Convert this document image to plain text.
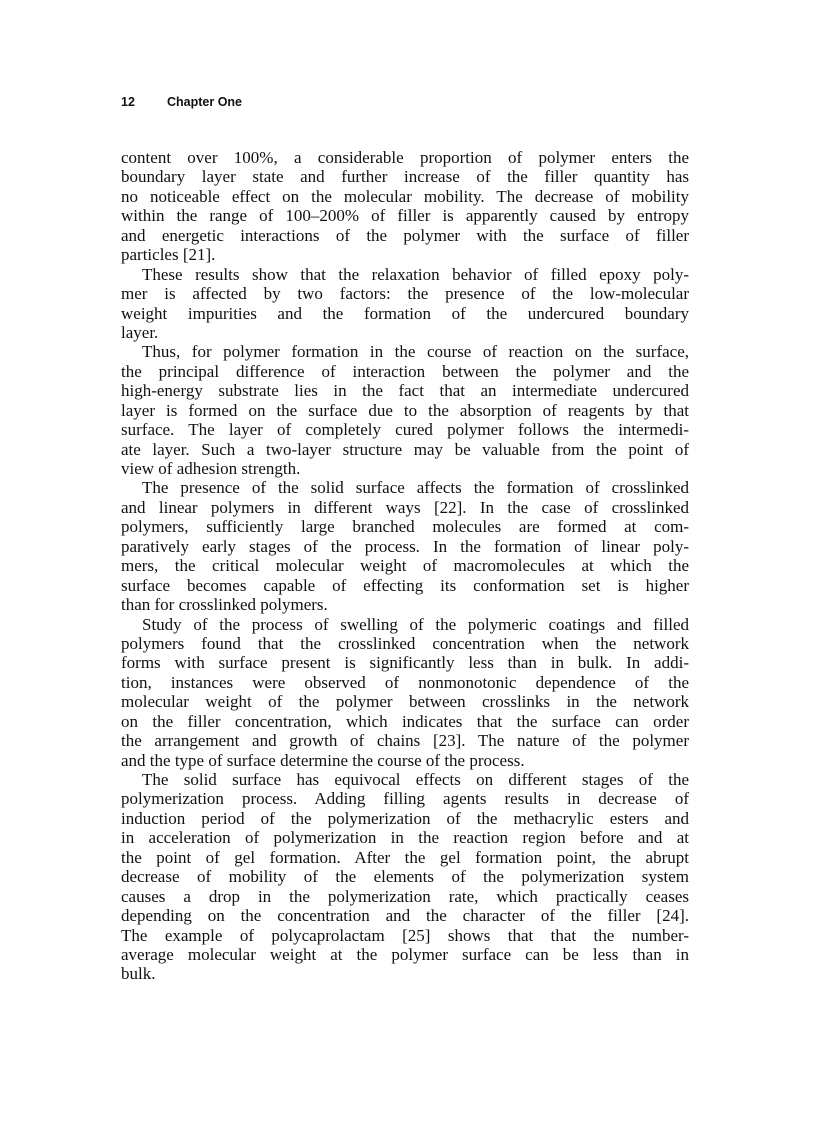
12	Chapter One
content over 100%, a considerable proportion of polymer enters the
boundary layer state and further increase of the filler quantity has
no noticeable effect on the molecular mobility. The decrease of mobility
within the range of 100–200% of filler is apparently caused by entropy
and energetic interactions of the polymer with the surface of filler
particles [21].
These results show that the relaxation behavior of filled epoxy poly-
mer is affected by two factors: the presence of the low-molecular
weight impurities and the formation of the undercured boundary
layer.
Thus, for polymer formation in the course of reaction on the surface,
the principal difference of interaction between the polymer and the
high-energy substrate lies in the fact that an intermediate undercured
layer is formed on the surface due to the absorption of reagents by that
surface. The layer of completely cured polymer follows the intermedi-
ate layer. Such a two-layer structure may be valuable from the point of
view of adhesion strength.
The presence of the solid surface affects the formation of crosslinked
and linear polymers in different ways [22]. In the case of crosslinked
polymers, sufficiently large branched molecules are formed at com-
paratively early stages of the process. In the formation of linear poly-
mers, the critical molecular weight of macromolecules at which the
surface becomes capable of effecting its conformation set is higher
than for crosslinked polymers.
Study of the process of swelling of the polymeric coatings and filled
polymers found that the crosslinked concentration when the network
forms with surface present is significantly less than in bulk. In addi-
tion, instances were observed of nonmonotonic dependence of the
molecular weight of the polymer between crosslinks in the network
on the filler concentration, which indicates that the surface can order
the arrangement and growth of chains [23]. The nature of the polymer
and the type of surface determine the course of the process.
The solid surface has equivocal effects on different stages of the
polymerization process. Adding filling agents results in decrease of
induction period of the polymerization of the methacrylic esters and
in acceleration of polymerization in the reaction region before and at
the point of gel formation. After the gel formation point, the abrupt
decrease of mobility of the elements of the polymerization system
causes a drop in the polymerization rate, which practically ceases
depending on the concentration and the character of the filler [24].
The example of polycaprolactam [25] shows that that the number-
average molecular weight at the polymer surface can be less than in
bulk.
